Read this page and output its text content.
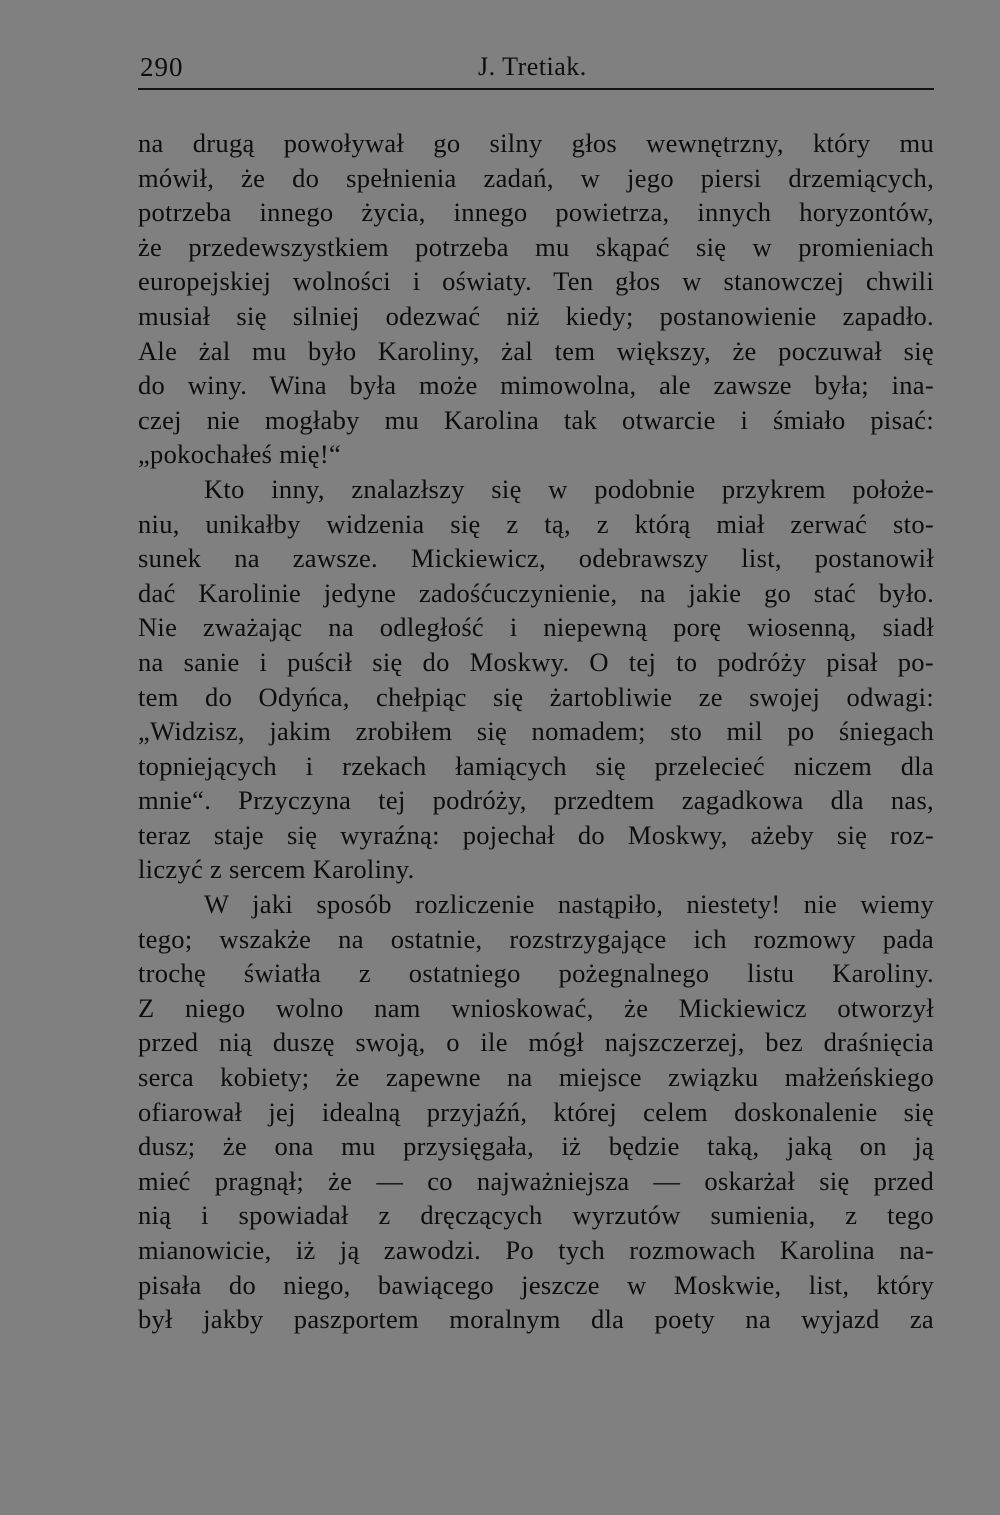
290	J. Tretiak.
na drugą powoływał go silny głos wewnętrzny, który mu
mówił, że do spełnienia zadań, w jego piersi drzemiących,
potrzeba innego życia, innego powietrza, innych horyzontów,
że przedewszystkiem potrzeba mu skąpać się w promieniach
europejskiej wolności i oświaty. Ten głos w stanowczej chwili
musiał się silniej odezwać niż kiedy; postanowienie zapadło.
Ale żal mu było Karoliny, żal tem większy, że poczuwał się
do winy. Wina była może mimowolna, ale zawsze była; ina-
czej nie mogłaby mu Karolina tak otwarcie i śmiało pisać:
„pokochałeś mię!“
Kto inny, znalazłszy się w podobnie przykrem położe-
niu, unikałby widzenia się z tą, z którą miał zerwać sto-
sunek na zawsze. Mickiewicz, odebrawszy list, postanowił
dać Karolinie jedyne zadośćuczynienie, na jakie go stać było.
Nie zważając na odległość i niepewną porę wiosenną, siadł
na sanie i puścił się do Moskwy. O tej to podróży pisał po-
tem do Odyńca, chełpiąc się żartobliwie ze swojej odwagi:
„Widzisz, jakim zrobiłem się nomadem; sto mil po śniegach
topniejących i rzekach łamiących się przelecieć niczem dla
mnie“. Przyczyna tej podróży, przedtem zagadkowa dla nas,
teraz staje się wyraźną: pojechał do Moskwy, ażeby się roz-
liczyć z sercem Karoliny.
W jaki sposób rozliczenie nastąpiło, niestety! nie wiemy
tego; wszakże na ostatnie, rozstrzygające ich rozmowy pada
trochę światła z ostatniego pożegnalnego listu Karoliny.
Z niego wolno nam wnioskować, że Mickiewicz otworzył
przed nią duszę swoją, o ile mógł najszczerzej, bez draśnięcia
serca kobiety; że zapewne na miejsce związku małżeńskiego
ofiarował jej idealną przyjaźń, której celem doskonalenie się
dusz; że ona mu przysięgała, iż będzie taką, jaką on ją
mieć pragnął; że — co najważniejsza — oskarżał się przed
nią i spowiadał z dręczących wyrzutów sumienia, z tego
mianowicie, iż ją zawodzi. Po tych rozmowach Karolina na-
pisała do niego, bawiącego jeszcze w Moskwie, list, który
był jakby paszportem moralnym dla poety na wyjazd za
